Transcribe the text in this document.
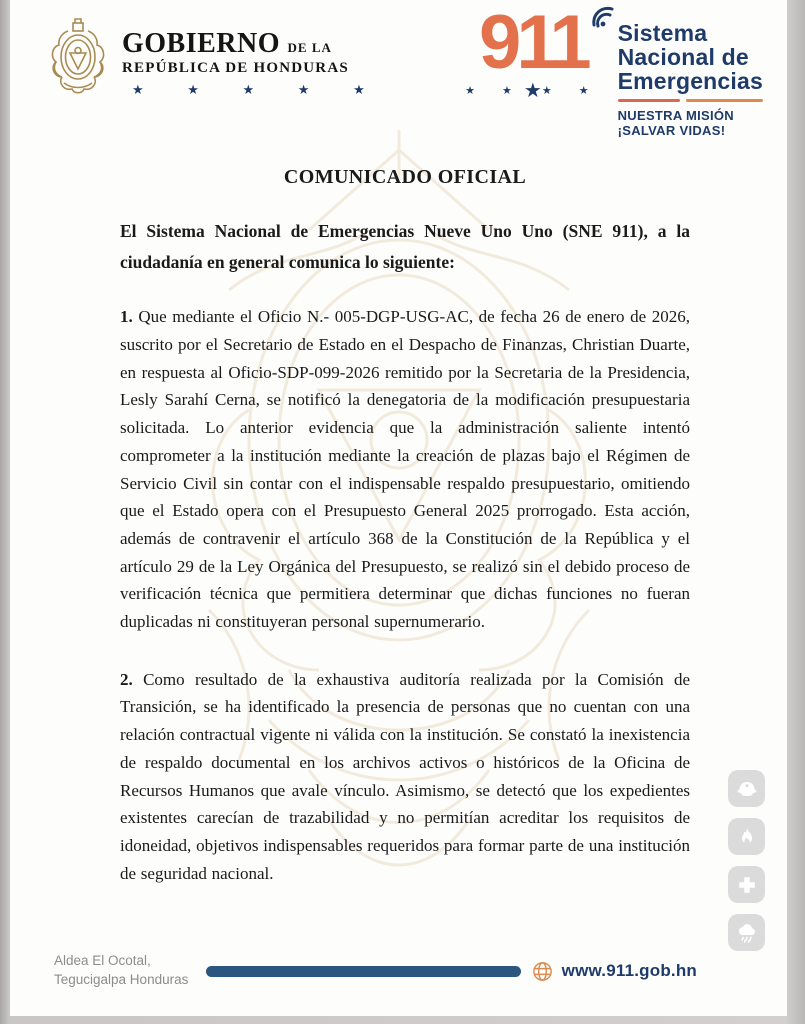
GOBIERNO DE LA
REPÚBLICA DE HONDURAS
★ ★ ★ ★ ★
911
★ ★ ★ ★ ★
Sistema
Nacional de
Emergencias
NUESTRA MISIÓN
¡SALVAR VIDAS!
COMUNICADO OFICIAL
El Sistema Nacional de Emergencias Nueve Uno Uno (SNE 911), a la ciudadanía en general comunica lo siguiente:
1. Que mediante el Oficio N.- 005-DGP-USG-AC, de fecha 26 de enero de 2026, suscrito por el Secretario de Estado en el Despacho de Finanzas, Christian Duarte, en respuesta al Oficio-SDP-099-2026 remitido por la Secretaria de la Presidencia, Lesly Sarahí Cerna, se notificó la denegatoria de la modificación presupuestaria solicitada. Lo anterior evidencia que la administración saliente intentó comprometer a la institución mediante la creación de plazas bajo el Régimen de Servicio Civil sin contar con el indispensable respaldo presupuestario, omitiendo que el Estado opera con el Presupuesto General 2025 prorrogado. Esta acción, además de contravenir el artículo 368 de la Constitución de la República y el artículo 29 de la Ley Orgánica del Presupuesto, se realizó sin el debido proceso de verificación técnica que permitiera determinar que dichas funciones no fueran duplicadas ni constituyeran personal supernumerario.
2. Como resultado de la exhaustiva auditoría realizada por la Comisión de Transición, se ha identificado la presencia de personas que no cuentan con una relación contractual vigente ni válida con la institución. Se constató la inexistencia de respaldo documental en los archivos activos o históricos de la Oficina de Recursos Humanos que avale vínculo. Asimismo, se detectó que los expedientes existentes carecían de trazabilidad y no permitían acreditar los requisitos de idoneidad, objetivos indispensables requeridos para formar parte de una institución de seguridad nacional.
Aldea El Ocotal,
Tegucigalpa Honduras	www.911.gob.hn
